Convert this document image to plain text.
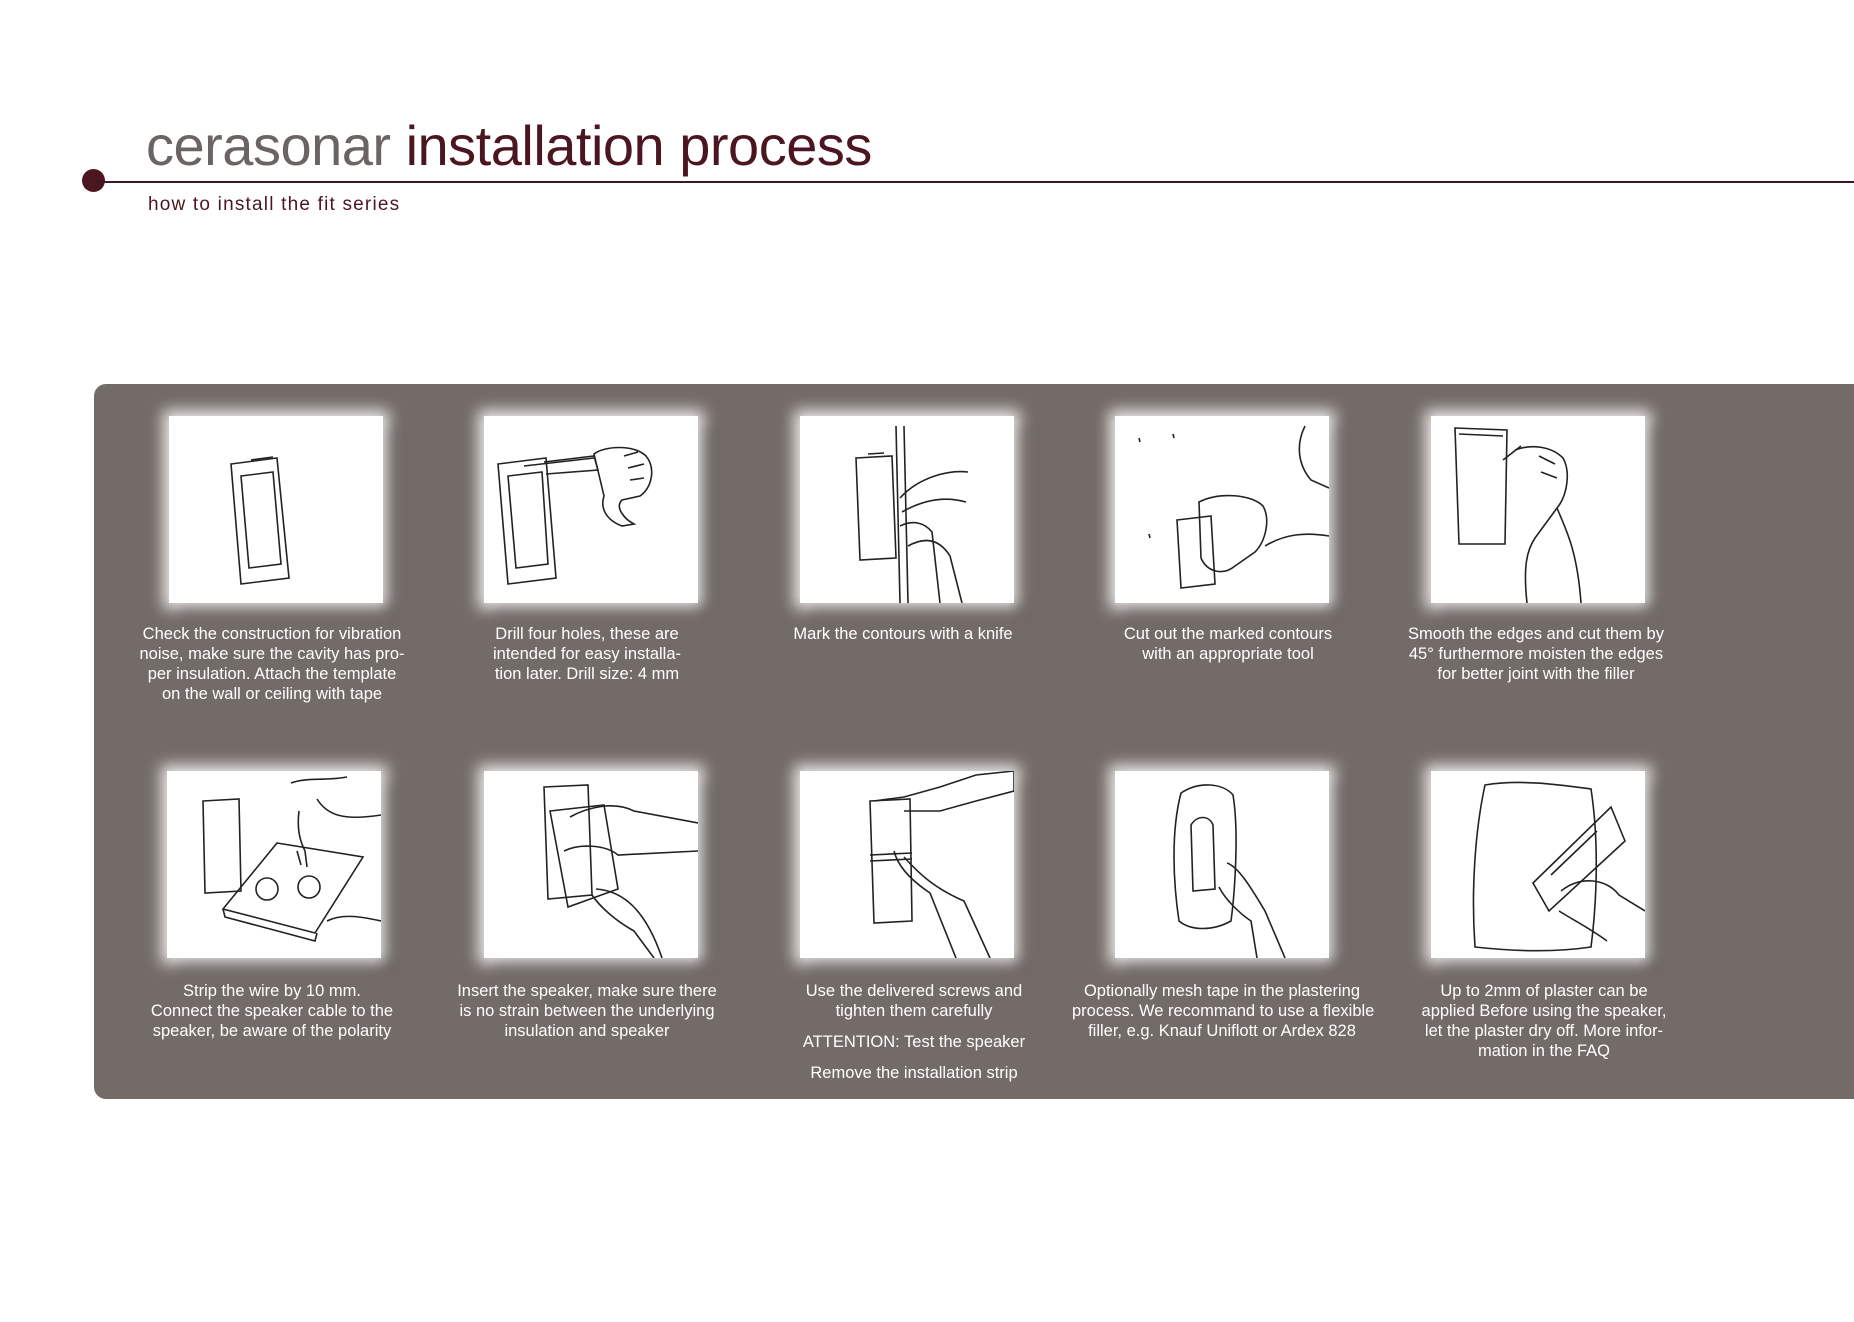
cerasonar installation process
how to install the fit series
Check the construction for vibration
noise, make sure the cavity has pro-
per insulation. Attach the template
on the wall or ceiling with tape
Drill four holes, these are
intended for easy installa-
tion later. Drill size: 4 mm
Mark the contours with a knife	Cut out the marked contours
with an appropriate tool
Smooth the edges and cut them by
45° furthermore moisten the edges
for better joint with the filler
Strip the wire by 10 mm.
Connect the speaker cable to the
speaker, be aware of the polarity
Insert the speaker, make sure there
is no strain between the underlying
insulation and speaker
Use the delivered screws and
tighten them carefully
ATTENTION: Test the speaker
Remove the installation strip
Optionally mesh tape in the plastering
process. We recommand to use a flexible
filler, e.g. Knauf Uniflott or Ardex 828
Up to 2mm of plaster can be
applied Before using the speaker,
let the plaster dry off. More infor-
mation in the FAQ
